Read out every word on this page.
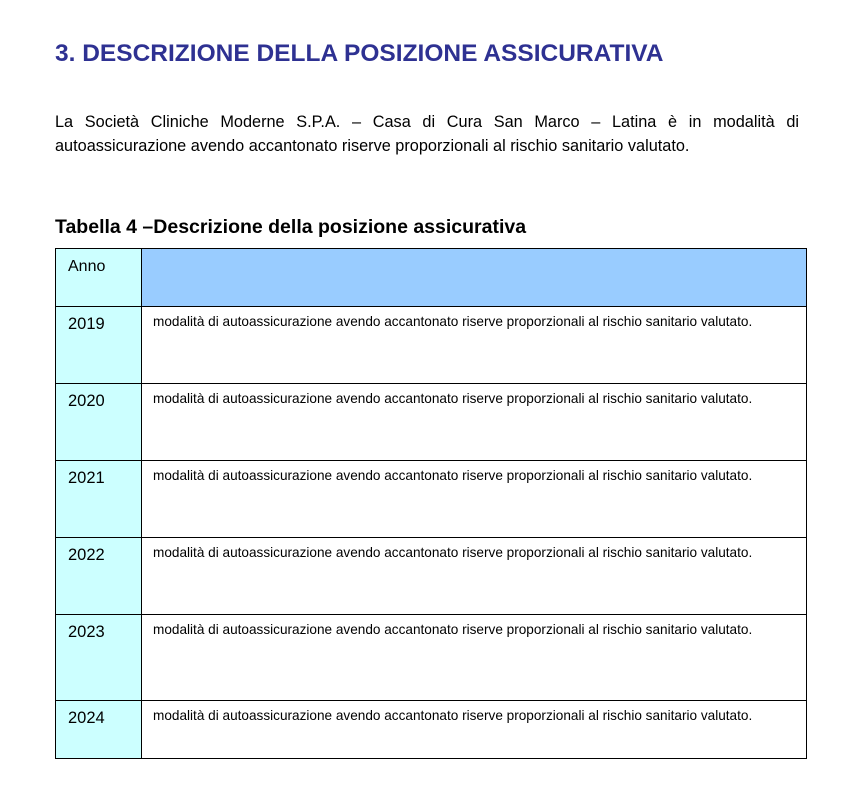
3. DESCRIZIONE DELLA POSIZIONE ASSICURATIVA

La Società Cliniche Moderne S.P.A. – Casa di Cura San Marco – Latina è in modalità di autoassicurazione avendo accantonato riserve proporzionali al rischio sanitario valutato.

Tabella 4 –Descrizione della posizione assicurativa

Anno	
2019	modalità di autoassicurazione avendo accantonato riserve proporzionali al rischio sanitario valutato.
2020	modalità di autoassicurazione avendo accantonato riserve proporzionali al rischio sanitario valutato.
2021	modalità di autoassicurazione avendo accantonato riserve proporzionali al rischio sanitario valutato.
2022	modalità di autoassicurazione avendo accantonato riserve proporzionali al rischio sanitario valutato.
2023	modalità di autoassicurazione avendo accantonato riserve proporzionali al rischio sanitario valutato.
2024	modalità di autoassicurazione avendo accantonato riserve proporzionali al rischio sanitario valutato.
